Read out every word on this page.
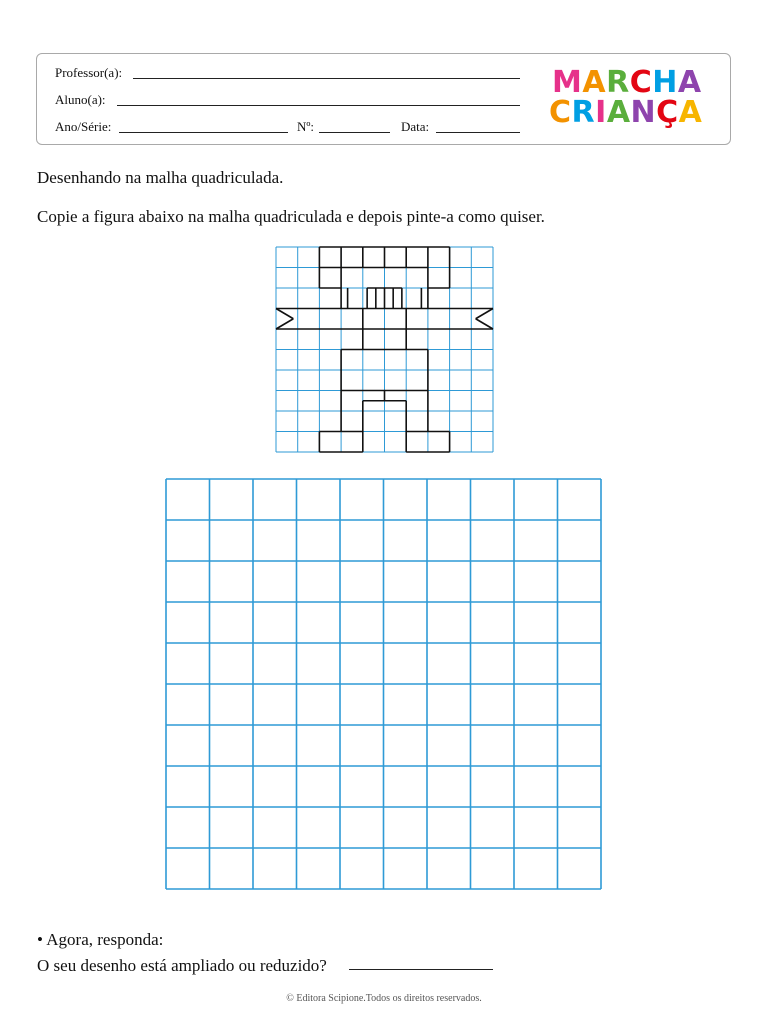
Professor(a):
Aluno(a):
Ano/Série:	Nº:	Data:
MARCHA
CRIANÇA
Desenhando na malha quadriculada.
Copie a figura abaixo na malha quadriculada e depois pinte-a como quiser.
• Agora, responda:
O seu desenho está ampliado ou reduzido?
© Editora Scipione.Todos os direitos reservados.
